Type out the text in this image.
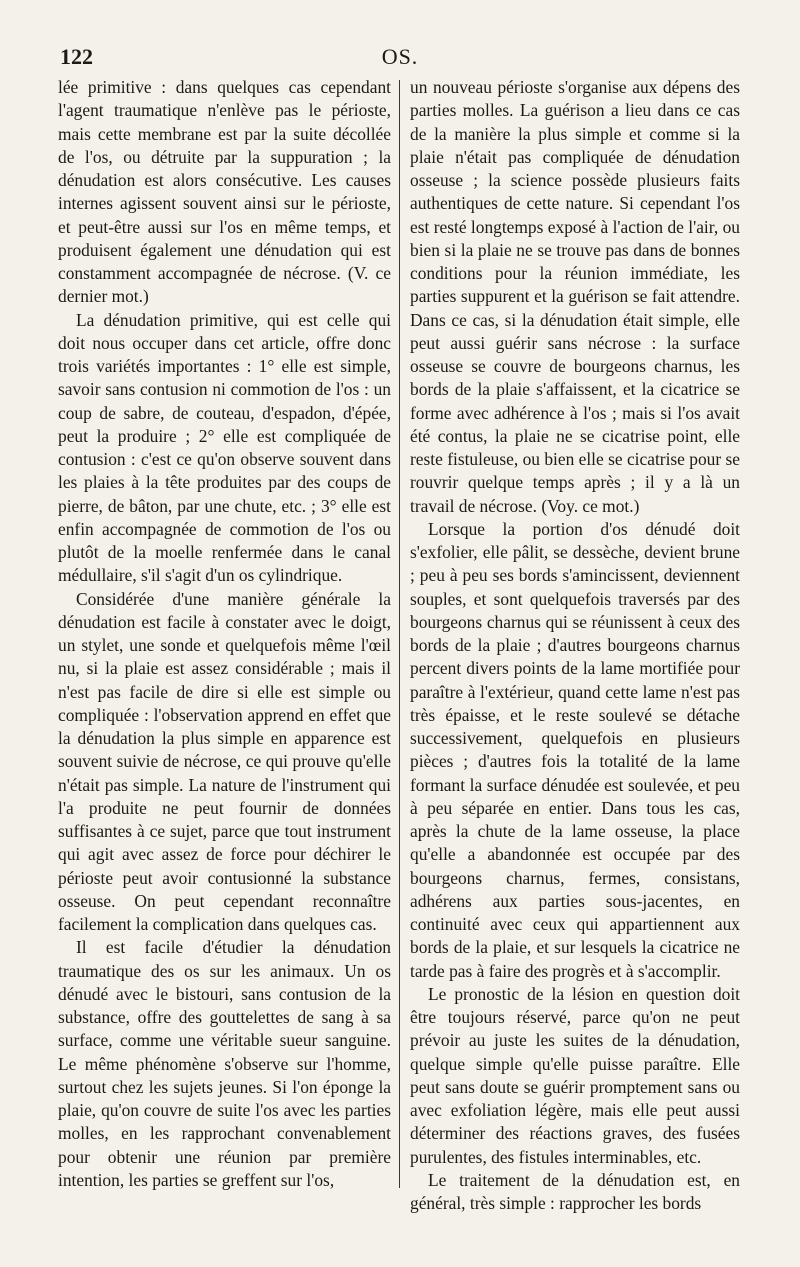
122	OS.

lée primitive : dans quelques cas cependant l'agent traumatique n'enlève pas le périoste, mais cette membrane est par la suite décollée de l'os, ou détruite par la suppuration ; la dénudation est alors consécutive. Les causes internes agissent souvent ainsi sur le périoste, et peut-être aussi sur l'os en même temps, et produisent également une dénudation qui est constamment accompagnée de nécrose. (V. ce dernier mot.)

La dénudation primitive, qui est celle qui doit nous occuper dans cet article, offre donc trois variétés importantes : 1° elle est simple, savoir sans contusion ni commotion de l'os : un coup de sabre, de couteau, d'espadon, d'épée, peut la produire ; 2° elle est compliquée de contusion : c'est ce qu'on observe souvent dans les plaies à la tête produites par des coups de pierre, de bâton, par une chute, etc. ; 3° elle est enfin accompagnée de commotion de l'os ou plutôt de la moelle renfermée dans le canal médullaire, s'il s'agit d'un os cylindrique.

Considérée d'une manière générale la dénudation est facile à constater avec le doigt, un stylet, une sonde et quelquefois même l'œil nu, si la plaie est assez considérable ; mais il n'est pas facile de dire si elle est simple ou compliquée : l'observation apprend en effet que la dénudation la plus simple en apparence est souvent suivie de nécrose, ce qui prouve qu'elle n'était pas simple. La nature de l'instrument qui l'a produite ne peut fournir de données suffisantes à ce sujet, parce que tout instrument qui agit avec assez de force pour déchirer le périoste peut avoir contusionné la substance osseuse. On peut cependant reconnaître facilement la complication dans quelques cas.

Il est facile d'étudier la dénudation traumatique des os sur les animaux. Un os dénudé avec le bistouri, sans contusion de la substance, offre des gouttelettes de sang à sa surface, comme une véritable sueur sanguine. Le même phénomène s'observe sur l'homme, surtout chez les sujets jeunes. Si l'on éponge la plaie, qu'on couvre de suite l'os avec les parties molles, en les rapprochant convenablement pour obtenir une réunion par première intention, les parties se greffent sur l'os,

un nouveau périoste s'organise aux dépens des parties molles. La guérison a lieu dans ce cas de la manière la plus simple et comme si la plaie n'était pas compliquée de dénudation osseuse ; la science possède plusieurs faits authentiques de cette nature. Si cependant l'os est resté longtemps exposé à l'action de l'air, ou bien si la plaie ne se trouve pas dans de bonnes conditions pour la réunion immédiate, les parties suppurent et la guérison se fait attendre. Dans ce cas, si la dénudation était simple, elle peut aussi guérir sans nécrose : la surface osseuse se couvre de bourgeons charnus, les bords de la plaie s'affaissent, et la cicatrice se forme avec adhérence à l'os ; mais si l'os avait été contus, la plaie ne se cicatrise point, elle reste fistuleuse, ou bien elle se cicatrise pour se rouvrir quelque temps après ; il y a là un travail de nécrose. (Voy. ce mot.)

Lorsque la portion d'os dénudé doit s'exfolier, elle pâlit, se dessèche, devient brune ; peu à peu ses bords s'amincissent, deviennent souples, et sont quelquefois traversés par des bourgeons charnus qui se réunissent à ceux des bords de la plaie ; d'autres bourgeons charnus percent divers points de la lame mortifiée pour paraître à l'extérieur, quand cette lame n'est pas très épaisse, et le reste soulevé se détache successivement, quelquefois en plusieurs pièces ; d'autres fois la totalité de la lame formant la surface dénudée est soulevée, et peu à peu séparée en entier. Dans tous les cas, après la chute de la lame osseuse, la place qu'elle a abandonnée est occupée par des bourgeons charnus, fermes, consistans, adhérens aux parties sous-jacentes, en continuité avec ceux qui appartiennent aux bords de la plaie, et sur lesquels la cicatrice ne tarde pas à faire des progrès et à s'accomplir.

Le pronostic de la lésion en question doit être toujours réservé, parce qu'on ne peut prévoir au juste les suites de la dénudation, quelque simple qu'elle puisse paraître. Elle peut sans doute se guérir promptement sans ou avec exfoliation légère, mais elle peut aussi déterminer des réactions graves, des fusées purulentes, des fistules interminables, etc.

Le traitement de la dénudation est, en général, très simple : rapprocher les bords
